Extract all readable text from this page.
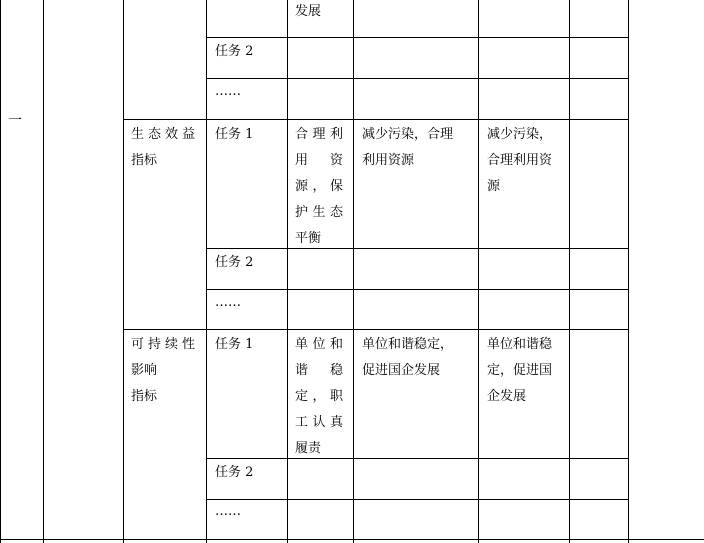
一
发展
任务 2
……
生 态 效 益
指标
任务 1	合 理 利
用 资
源 ， 保
护 生 态
平衡
减少污染，合理
利用资源
减少污染，
合理利用资
源
任务 2
……
可 持 续 性
影响
指标
任务 1	单 位 和
谐 稳
定 ， 职
工 认 真
履责
单位和谐稳定，
促进国企发展
单位和谐稳
定，促进国
企发展
任务 2
……
